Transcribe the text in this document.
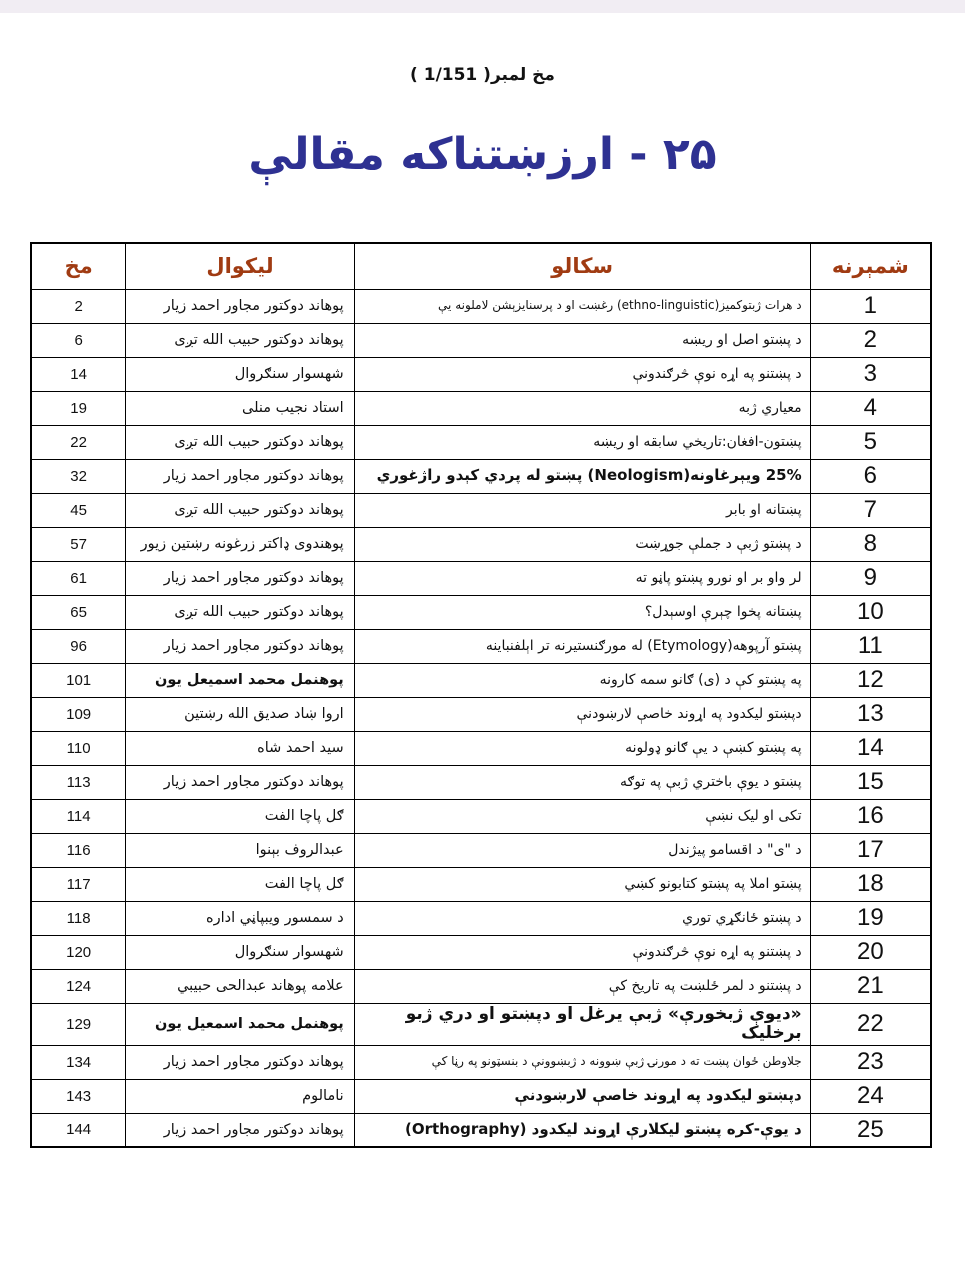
مخ لمبر( 1/151 )
۲۵ - ارزښتناکه مقالې
شمېرنه	سکالو	ليکوال	مخ
1	د هرات ژبتوکمیز(ethno-linguistic) رغښت او د پرسنایزېشن لاملونه یې	پوهاند دوکتور مجاور احمد زیار	2
2	د پښتو اصل او ریښه	پوهاند دوکتور حبیب الله تږی	6
3	د پښتنو په اړه نوې څرګندونې	شهسوار سنګروال	14
4	معیاري ژبه	استاد نجیب منلی	19
5	پښتون-افغان:تاریخي سابقه او ریښه	پوهاند دوکتور حبیب الله تږی	22
6	25% ویېرغاونه(Neologism) پښتو له پردي کېدو راژغوري	پوهاند دوکتور مجاور احمد زیار	32
7	پښتانه او بابر	پوهاند دوکتور حبیب الله تږی	45
8	د پښتو ژبې د جملې جوړښت	پوهندوی ډاکتر زرغونه رښتین زیور	57
9	لر واو بر او نورو پښتو پاڼو ته	پوهاند دوکتور مجاور احمد زیار	61
10	پښتانه پخوا چېرې اوسېدل؟	پوهاند دوکتور حبیب الله تږی	65
11	پښتو آرپوهه(Etymology) له مورګنستیرنه تر اېلفنباینه	پوهاند دوکتور مجاور احمد زیار	96
12	په پښتو کې د (ی) ګانو سمه کارونه	پوهنمل محمد اسمیعل یون	101
13	دپښتو لیکدود په اړوند خاصې لارښودنې	اروا ښاد صدیق الله رښتین	109
14	په پښتو کښې د یې ګانو ډولونه	سید احمد شاه	110
15	پښتو د یوې باختري ژبې په توګه	پوهاند دوکتور مجاور احمد زیار	113
16	تکی او لیک نښې	ګل پاچا الفت	114
17	د "ی" د اقسامو پیژندل	عبدالروف بېنوا	116
18	پښتو املا په پښتو کتابونو کښي	ګل پاچا الفت	117
19	د پښتو ځانګړي توري	د سمسور ویبپاڼي اداره	118
20	د پښتنو په اړه نوې څرګندونې	شهسوار سنګروال	120
21	د پښتنو د لمر ځلښت په تاریخ کې	علامه پوهاند عبدالحی حبیبي	124
22	«دیوې ژبخورې» ژبې یرغل او دپښتو او دري ژبو برخلیک	پوهنمل محمد اسمعیل یون	129
23	جلاوطن ځوان پښت ته د مورنۍ ژبې ښوونه د ژبښوونې د بنسټونو په رڼا کې	پوهاند دوکتور مجاور احمد زیار	134
24	دپښتو لیکدود په اړوند خاصې لارښودنې	نامالوم	143
25	د یوې-کره پښتو لیکلارې اړوند لیکدود (Orthography)	پوهاند دوکتور مجاور احمد زیار	144
